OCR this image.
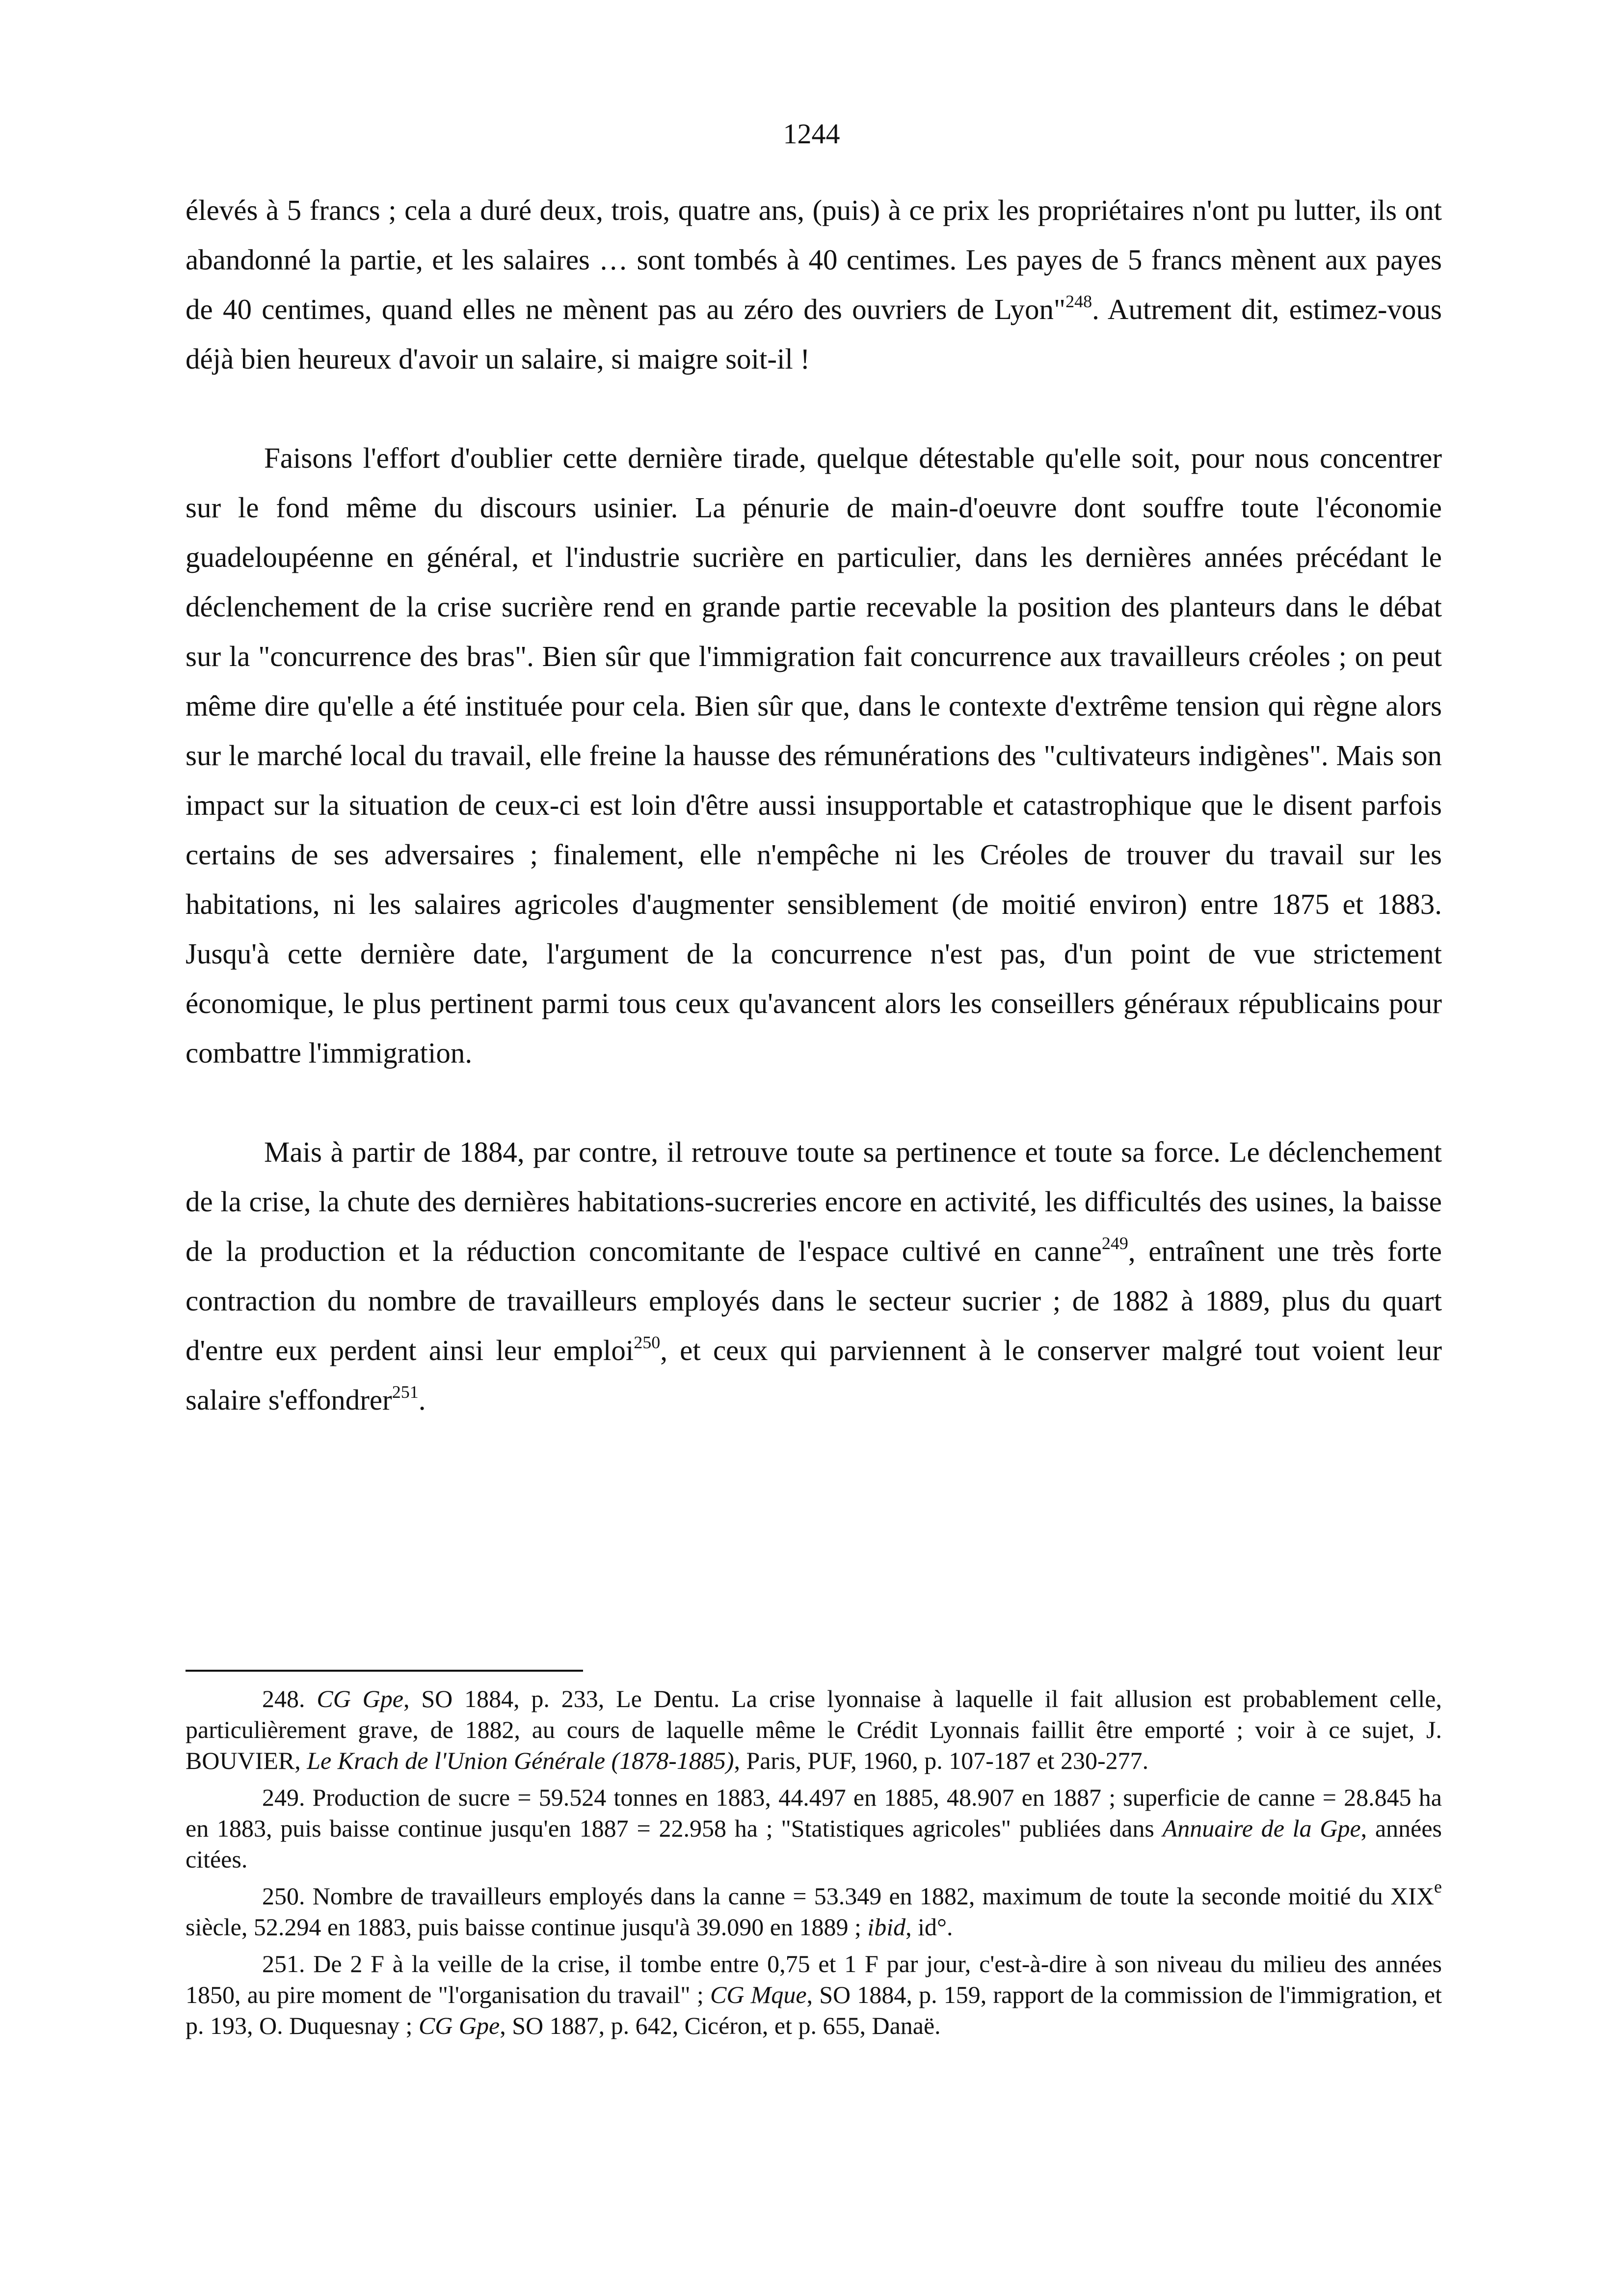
1244

élevés à 5 francs ; cela a duré deux, trois, quatre ans, (puis) à ce prix les propriétaires n'ont pu lutter, ils ont abandonné la partie, et les salaires … sont tombés à 40 centimes. Les payes de 5 francs mènent aux payes de 40 centimes, quand elles ne mènent pas au zéro des ouvriers de Lyon"$^{248}$. Autrement dit, estimez-vous déjà bien heureux d'avoir un salaire, si maigre soit-il !

Faisons l'effort d'oublier cette dernière tirade, quelque détestable qu'elle soit, pour nous concentrer sur le fond même du discours usinier. La pénurie de main-d'oeuvre dont souffre toute l'économie guadeloupéenne en général, et l'industrie sucrière en particulier, dans les dernières années précédant le déclenchement de la crise sucrière rend en grande partie recevable la position des planteurs dans le débat sur la "concurrence des bras". Bien sûr que l'immigration fait concurrence aux travailleurs créoles ; on peut même dire qu'elle a été instituée pour cela. Bien sûr que, dans le contexte d'extrême tension qui règne alors sur le marché local du travail, elle freine la hausse des rémunérations des "cultivateurs indigènes". Mais son impact sur la situation de ceux-ci est loin d'être aussi insupportable et catastrophique que le disent parfois certains de ses adversaires ; finalement, elle n'empêche ni les Créoles de trouver du travail sur les habitations, ni les salaires agricoles d'augmenter sensiblement (de moitié environ) entre 1875 et 1883. Jusqu'à cette dernière date, l'argument de la concurrence n'est pas, d'un point de vue strictement économique, le plus pertinent parmi tous ceux qu'avancent alors les conseillers généraux républicains pour combattre l'immigration.

Mais à partir de 1884, par contre, il retrouve toute sa pertinence et toute sa force. Le déclenchement de la crise, la chute des dernières habitations-sucreries encore en activité, les difficultés des usines, la baisse de la production et la réduction concomitante de l'espace cultivé en canne$^{249}$, entraînent une très forte contraction du nombre de travailleurs employés dans le secteur sucrier ; de 1882 à 1889, plus du quart d'entre eux perdent ainsi leur emploi$^{250}$, et ceux qui parviennent à le conserver malgré tout voient leur salaire s'effondrer$^{251}$.

248. CG Gpe, SO 1884, p. 233, Le Dentu. La crise lyonnaise à laquelle il fait allusion est probablement celle, particulièrement grave, de 1882, au cours de laquelle même le Crédit Lyonnais faillit être emporté ; voir à ce sujet, J. BOUVIER, Le Krach de l'Union Générale (1878-1885), Paris, PUF, 1960, p. 107-187 et 230-277.

249. Production de sucre = 59.524 tonnes en 1883, 44.497 en 1885, 48.907 en 1887 ; superficie de canne = 28.845 ha en 1883, puis baisse continue jusqu'en 1887 = 22.958 ha ; "Statistiques agricoles" publiées dans Annuaire de la Gpe, années citées.

250. Nombre de travailleurs employés dans la canne = 53.349 en 1882, maximum de toute la seconde moitié du XIXe siècle, 52.294 en 1883, puis baisse continue jusqu'à 39.090 en 1889 ; ibid, id°.

251. De 2 F à la veille de la crise, il tombe entre 0,75 et 1 F par jour, c'est-à-dire à son niveau du milieu des années 1850, au pire moment de "l'organisation du travail" ; CG Mque, SO 1884, p. 159, rapport de la commission de l'immigration, et p. 193, O. Duquesnay ; CG Gpe, SO 1887, p. 642, Cicéron, et p. 655, Danaë.
